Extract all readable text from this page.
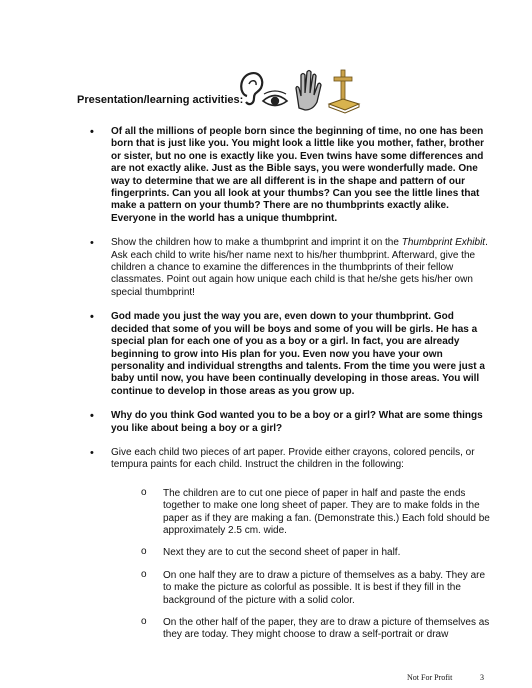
Presentation/learning activities:
• Of all the millions of people born since the beginning of time, no one has been born that is just like you. You might look a little like you mother, father, brother or sister, but no one is exactly like you. Even twins have some differences and are not exactly alike. Just as the Bible says, you were wonderfully made. One way to determine that we are all different is in the shape and pattern of our fingerprints. Can you all look at your thumbs? Can you see the little lines that make a pattern on your thumb? There are no thumbprints exactly alike. Everyone in the world has a unique thumbprint.
• Show the children how to make a thumbprint and imprint it on the Thumbprint Exhibit. Ask each child to write his/her name next to his/her thumbprint. Afterward, give the children a chance to examine the differences in the thumbprints of their fellow classmates. Point out again how unique each child is that he/she gets his/her own special thumbprint!
• God made you just the way you are, even down to your thumbprint. God decided that some of you will be boys and some of you will be girls. He has a special plan for each one of you as a boy or a girl. In fact, you are already beginning to grow into His plan for you. Even now you have your own personality and individual strengths and talents. From the time you were just a baby until now, you have been continually developing in those areas. You will continue to develop in those areas as you grow up.
• Why do you think God wanted you to be a boy or a girl? What are some things you like about being a boy or a girl?
• Give each child two pieces of art paper. Provide either crayons, colored pencils, or tempura paints for each child. Instruct the children in the following:
o The children are to cut one piece of paper in half and paste the ends together to make one long sheet of paper. They are to make folds in the paper as if they are making a fan. (Demonstrate this.) Each fold should be approximately 2.5 cm. wide.
o Next they are to cut the second sheet of paper in half.
o On one half they are to draw a picture of themselves as a baby. They are to make the picture as colorful as possible. It is best if they fill in the background of the picture with a solid color.
o On the other half of the paper, they are to draw a picture of themselves as they are today. They might choose to draw a self-portrait or draw
Not For Profit	3
